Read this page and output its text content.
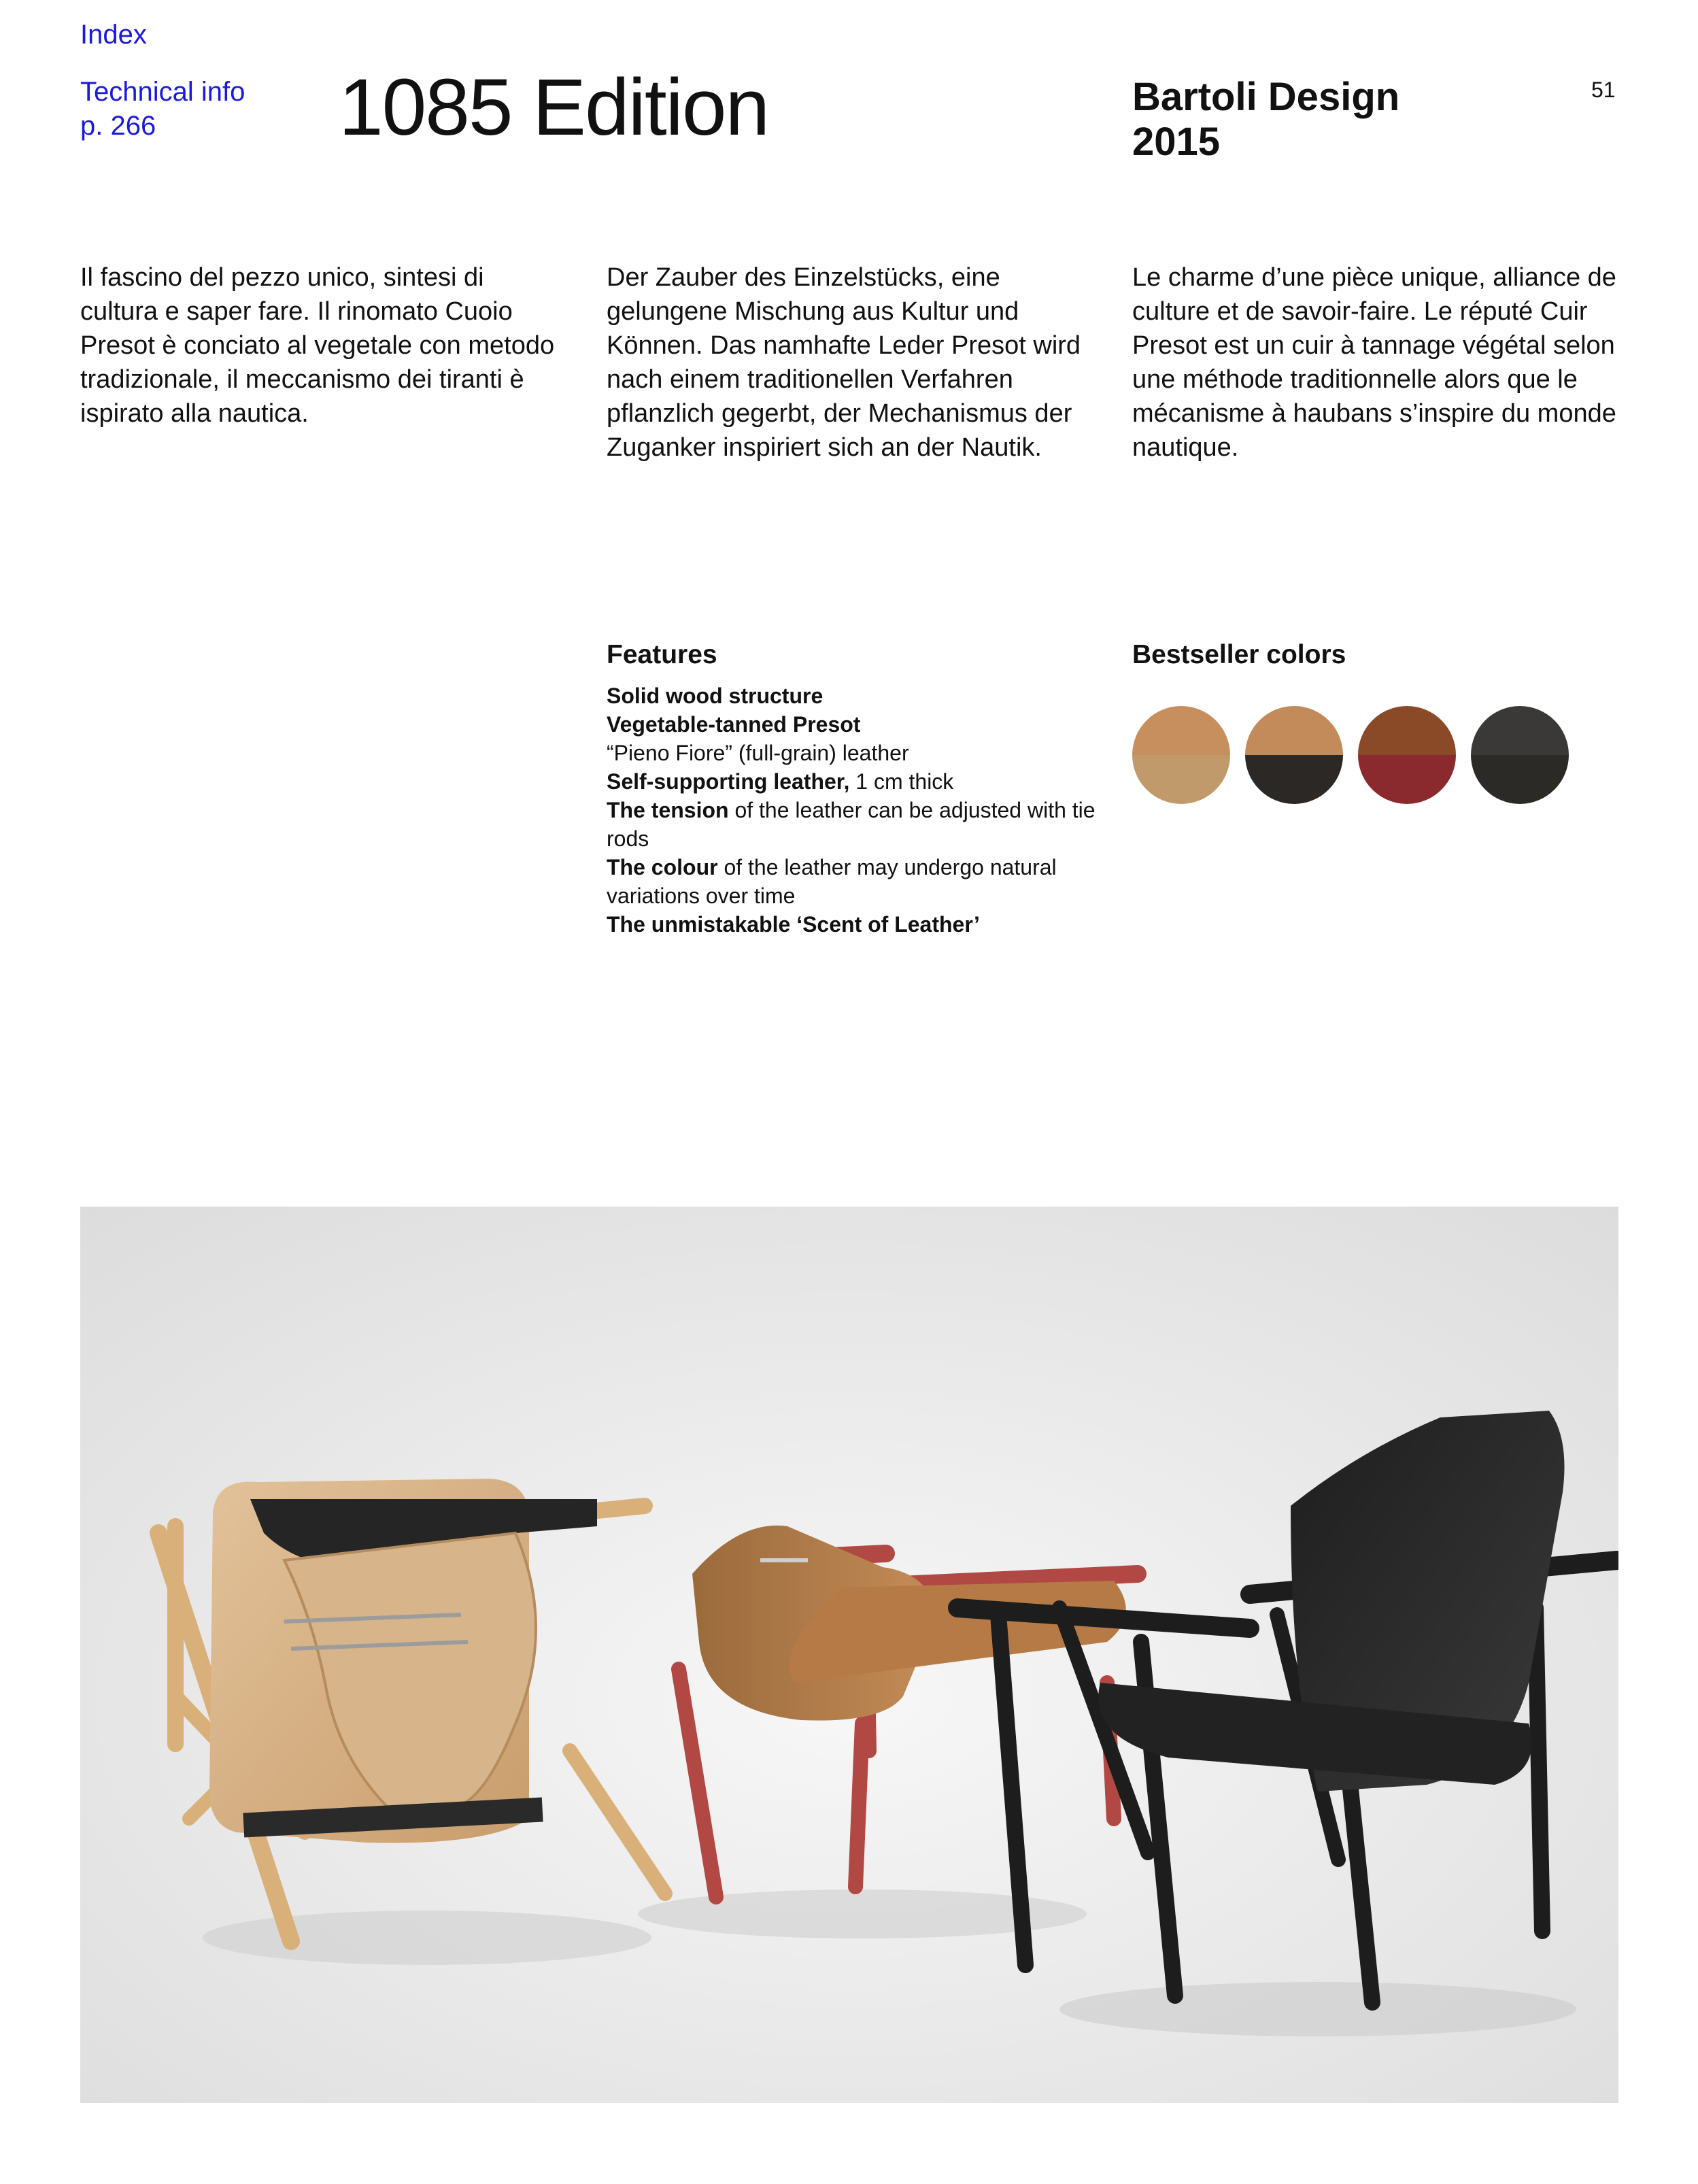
Index
Technical info
p. 266	1085 Edition	Bartoli Design
2015
51

Il fascino del pezzo unico, sintesi di cultura e saper fare. Il rinomato Cuoio Presot è conciato al vegetale con metodo tradizionale, il meccanismo dei tiranti è ispirato alla nautica.

Der Zauber des Einzelstücks, eine gelungene Mischung aus Kultur und Können. Das namhafte Leder Presot wird nach einem traditionellen Verfahren pflanzlich gegerbt, der Mechanismus der Zuganker inspiriert sich an der Nautik.

Le charme d’une pièce unique, alliance de culture et de savoir-faire. Le réputé Cuir Presot est un cuir à tannage végétal selon une méthode traditionnelle alors que le mécanisme à haubans s’inspire du monde nautique.

Features
Solid wood structure
Vegetable-tanned Presot
“Pieno Fiore” (full-grain) leather
Self-supporting leather, 1 cm thick
The tension of the leather can be adjusted with tie rods
The colour of the leather may undergo natural variations over time
The unmistakable ‘Scent of Leather’
Bestseller colors
